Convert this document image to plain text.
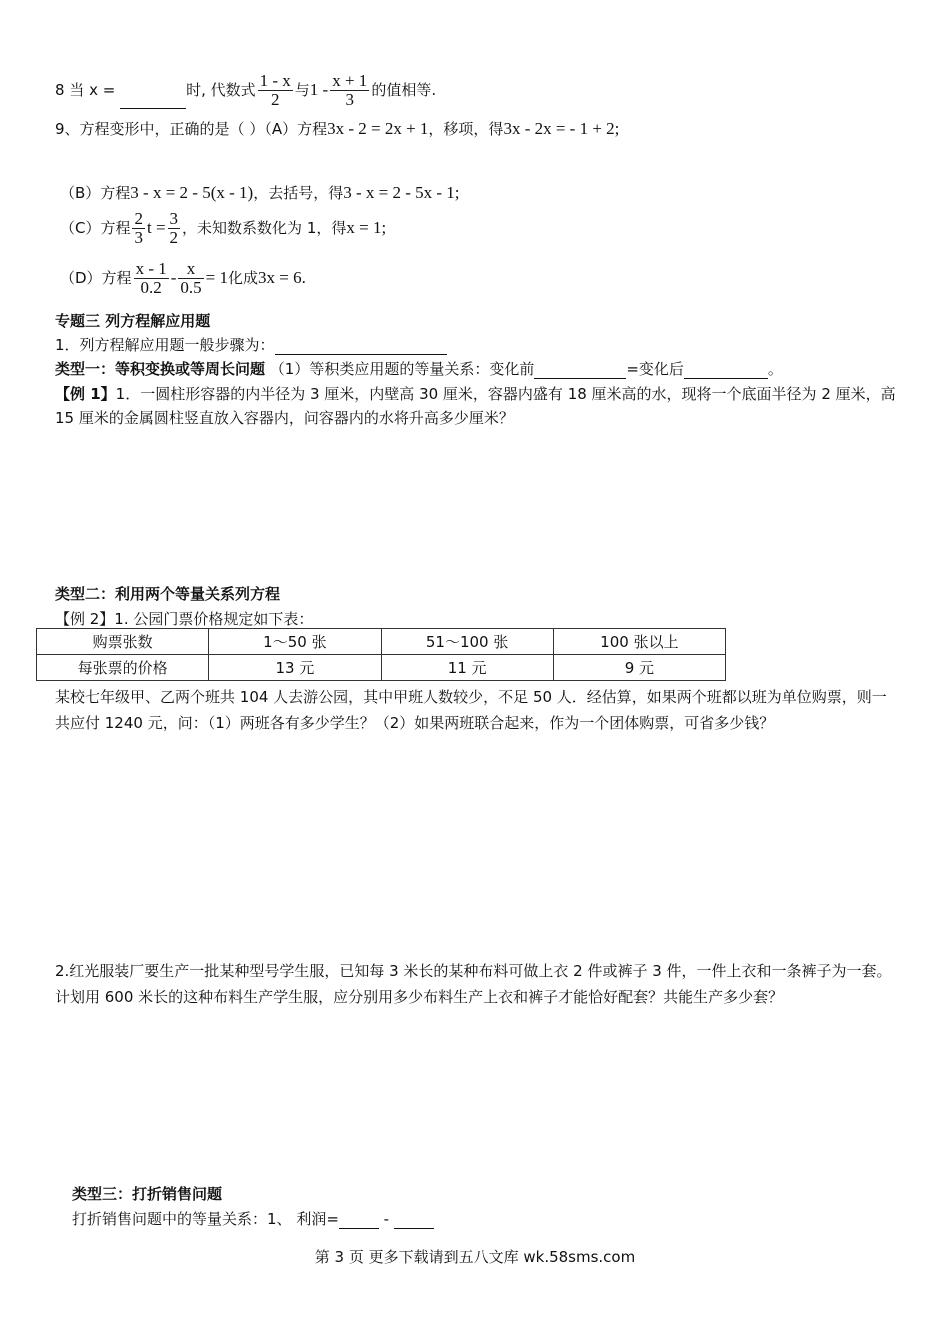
8 当 x =	时, 代数式 $\frac{1 - x}{2}$ 与$1 - \frac{x + 1}{3}$ 的值相等.
9、方程变形中，正确的是（ ）（A）方程3x - 2 = 2x + 1，移项，得3x - 2x = - 1 + 2;
（B）方程3 - x = 2 - 5(x - 1)，去括号，得3 - x = 2 - 5x - 1;
（C）方程 $\frac{2}{3}$ $t = \frac{3}{2}$ ，未知数系数化为 1，得x = 1;
（D）方程 $\frac{x - 1}{0.2} - \frac{x}{0.5} = 1$化成3x = 6.
专题三 列方程解应用题
1．列方程解应用题一般步骤为：
类型一：等积变换或等周长问题 （1）等积类应用题的等量关系：变化前	=变化后	。
【例 1】1．一圆柱形容器的内半径为 3 厘米，内壁高 30 厘米，容器内盛有 18 厘米高的水，现将一个底面半径为 2 厘米，高 15 厘米的金属圆柱竖直放入容器内，问容器内的水将升高多少厘米？
类型二：利用两个等量关系列方程
【例 2】1. 公园门票价格规定如下表：
购票张数	1～50 张	51～100 张	100 张以上
每张票的价格	13 元	11 元	9 元
某校七年级甲、乙两个班共 104 人去游公园，其中甲班人数较少，不足 50 人．经估算，如果两个班都以班为单位购票，则一共应付 1240 元，问：（1）两班各有多少学生？（2）如果两班联合起来，作为一个团体购票，可省多少钱？
2.红光服装厂要生产一批某种型号学生服，已知每 3 米长的某种布料可做上衣 2 件或裤子 3 件，一件上衣和一条裤子为一套。计划用 600 米长的这种布料生产学生服，应分别用多少布料生产上衣和裤子才能恰好配套？共能生产多少套？
类型三：打折销售问题
打折销售问题中的等量关系：1、 利润=	-
第 3 页 更多下载请到五八文库 wk.58sms.com
